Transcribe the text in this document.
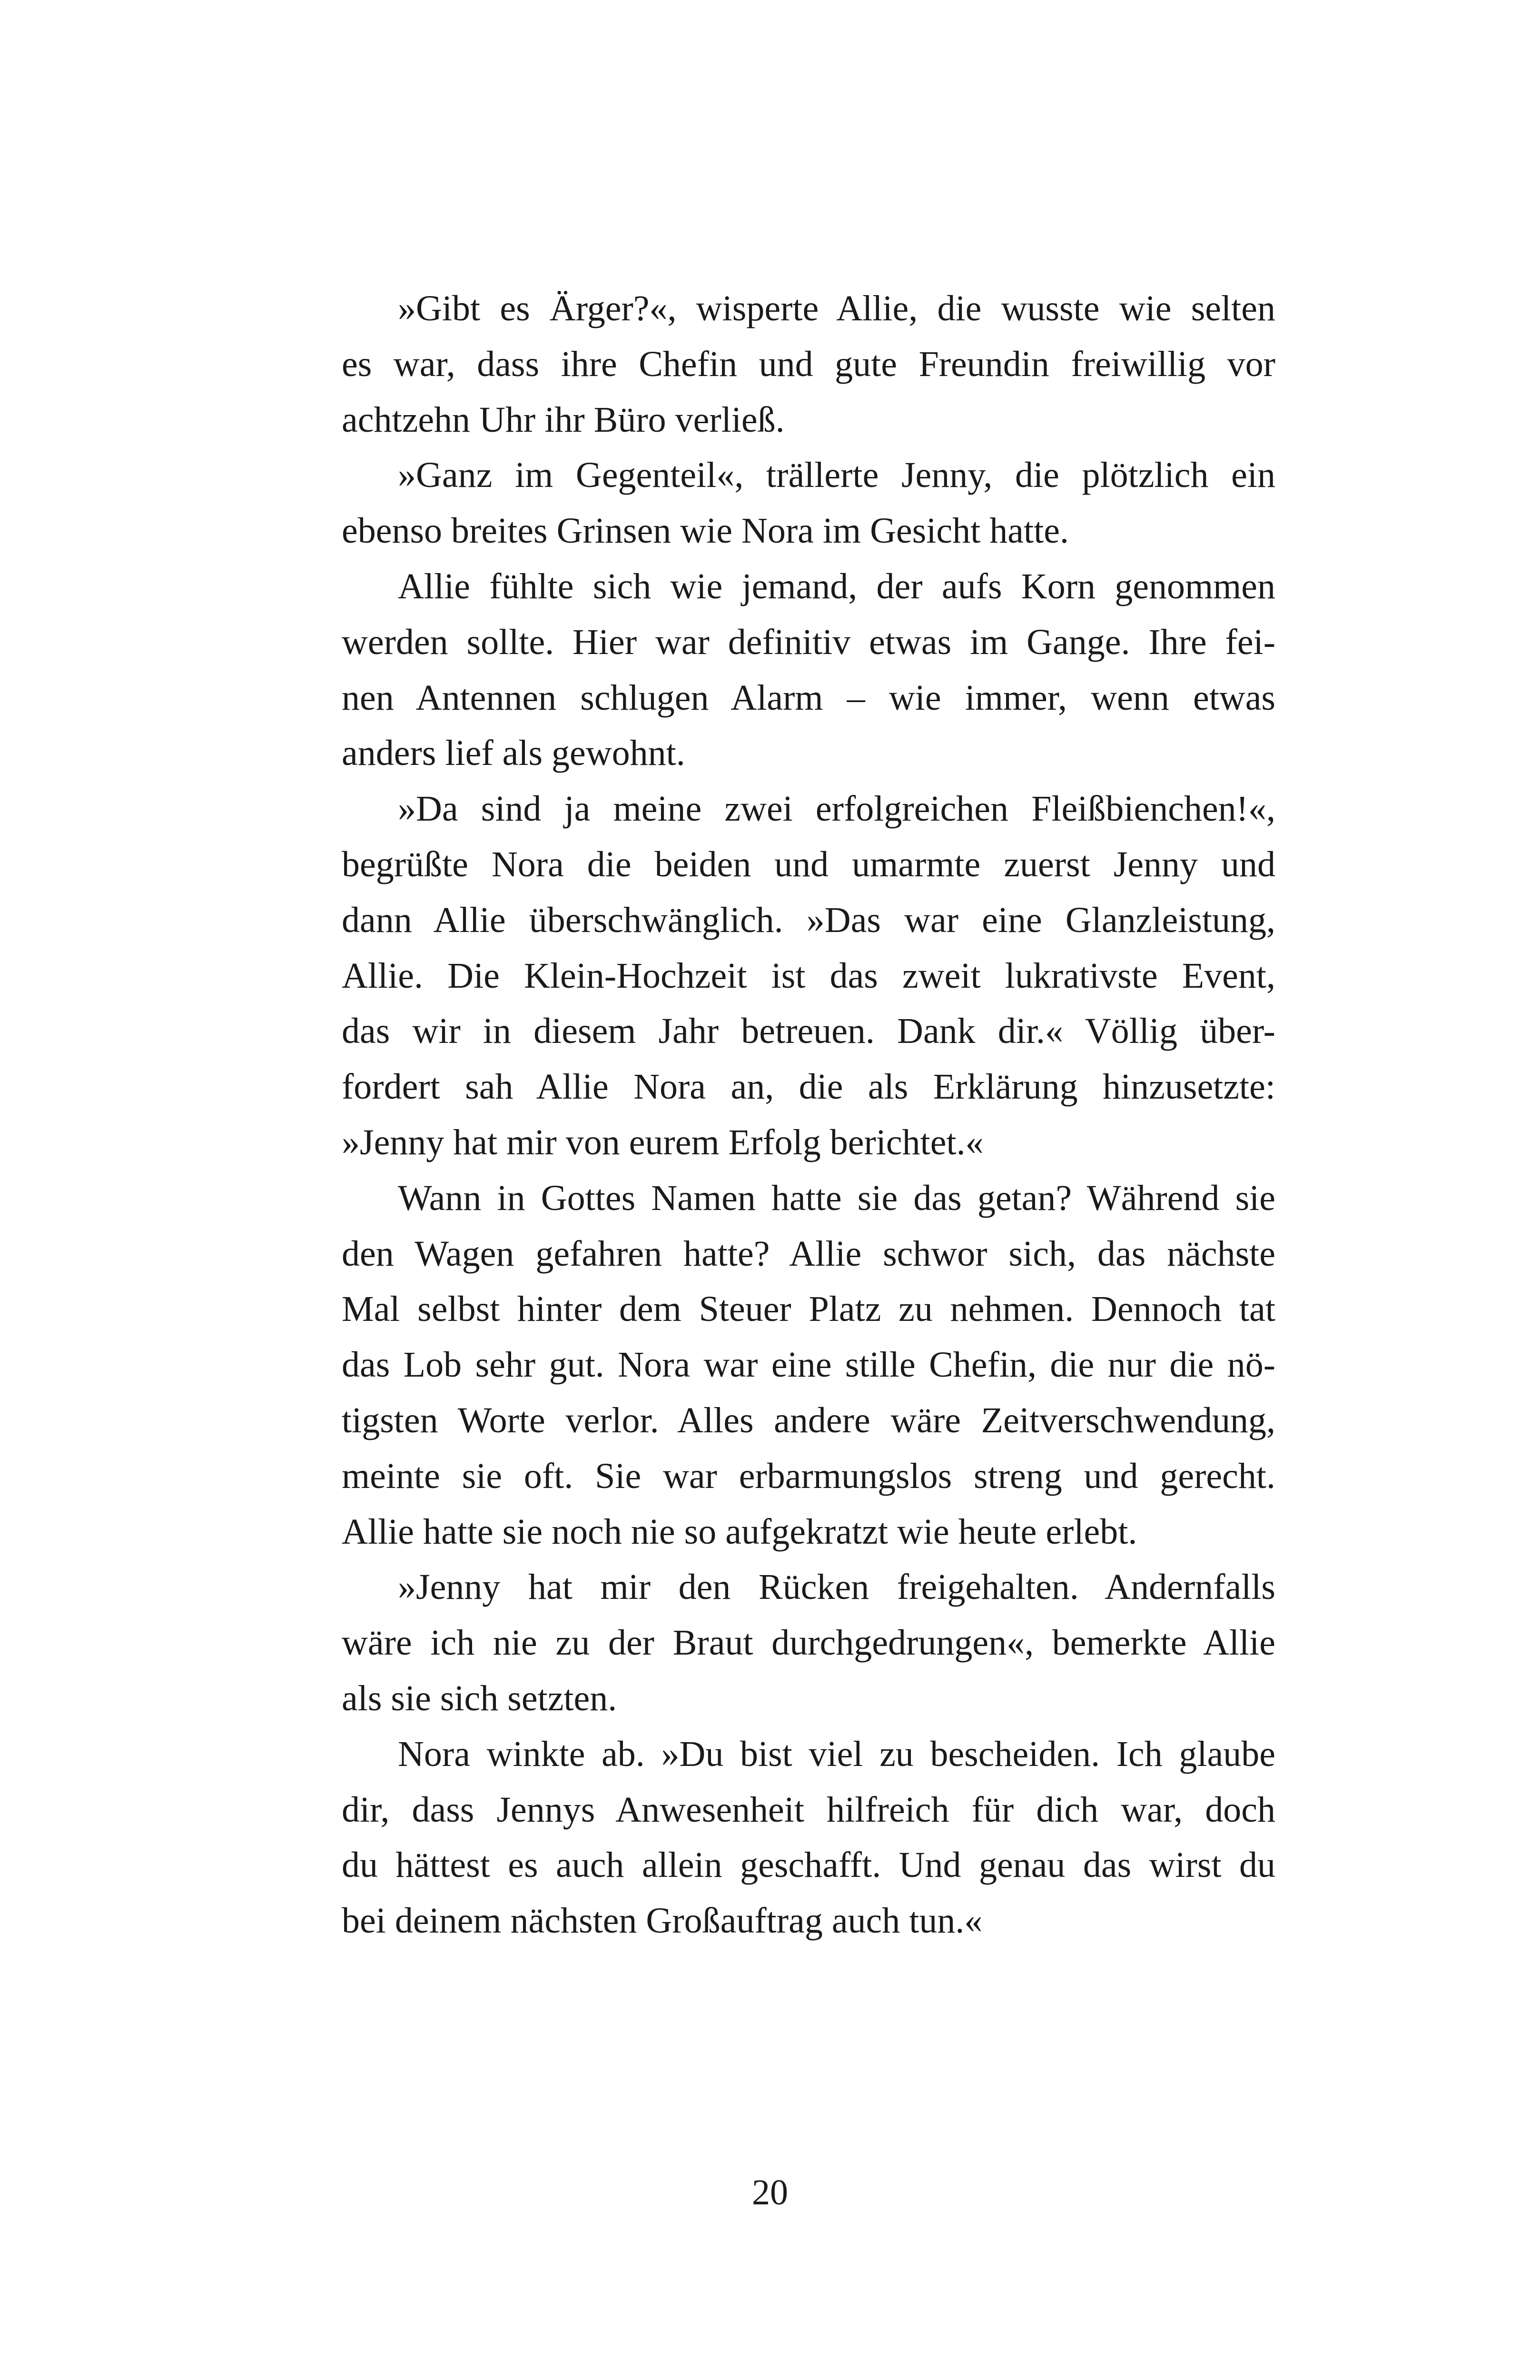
»Gibt es Ärger?«, wisperte Allie, die wusste wie selten
es war, dass ihre Chefin und gute Freundin freiwillig vor
achtzehn Uhr ihr Büro verließ.
»Ganz im Gegenteil«, trällerte Jenny, die plötzlich ein
ebenso breites Grinsen wie Nora im Gesicht hatte.
Allie fühlte sich wie jemand, der aufs Korn genommen
werden sollte. Hier war definitiv etwas im Gange. Ihre fei-
nen Antennen schlugen Alarm – wie immer, wenn etwas
anders lief als gewohnt.
»Da sind ja meine zwei erfolgreichen Fleißbienchen!«,
begrüßte Nora die beiden und umarmte zuerst Jenny und
dann Allie überschwänglich. »Das war eine Glanzleistung,
Allie. Die Klein-Hochzeit ist das zweit lukrativste Event,
das wir in diesem Jahr betreuen. Dank dir.« Völlig über-
fordert sah Allie Nora an, die als Erklärung hinzusetzte:
»Jenny hat mir von eurem Erfolg berichtet.«
Wann in Gottes Namen hatte sie das getan? Während sie
den Wagen gefahren hatte? Allie schwor sich, das nächste
Mal selbst hinter dem Steuer Platz zu nehmen. Dennoch tat
das Lob sehr gut. Nora war eine stille Chefin, die nur die nö-
tigsten Worte verlor. Alles andere wäre Zeitverschwendung,
meinte sie oft. Sie war erbarmungslos streng und gerecht.
Allie hatte sie noch nie so aufgekratzt wie heute erlebt.
»Jenny hat mir den Rücken freigehalten. Andernfalls
wäre ich nie zu der Braut durchgedrungen«, bemerkte Allie
als sie sich setzten.
Nora winkte ab. »Du bist viel zu bescheiden. Ich glaube
dir, dass Jennys Anwesenheit hilfreich für dich war, doch
du hättest es auch allein geschafft. Und genau das wirst du
bei deinem nächsten Großauftrag auch tun.«
20
